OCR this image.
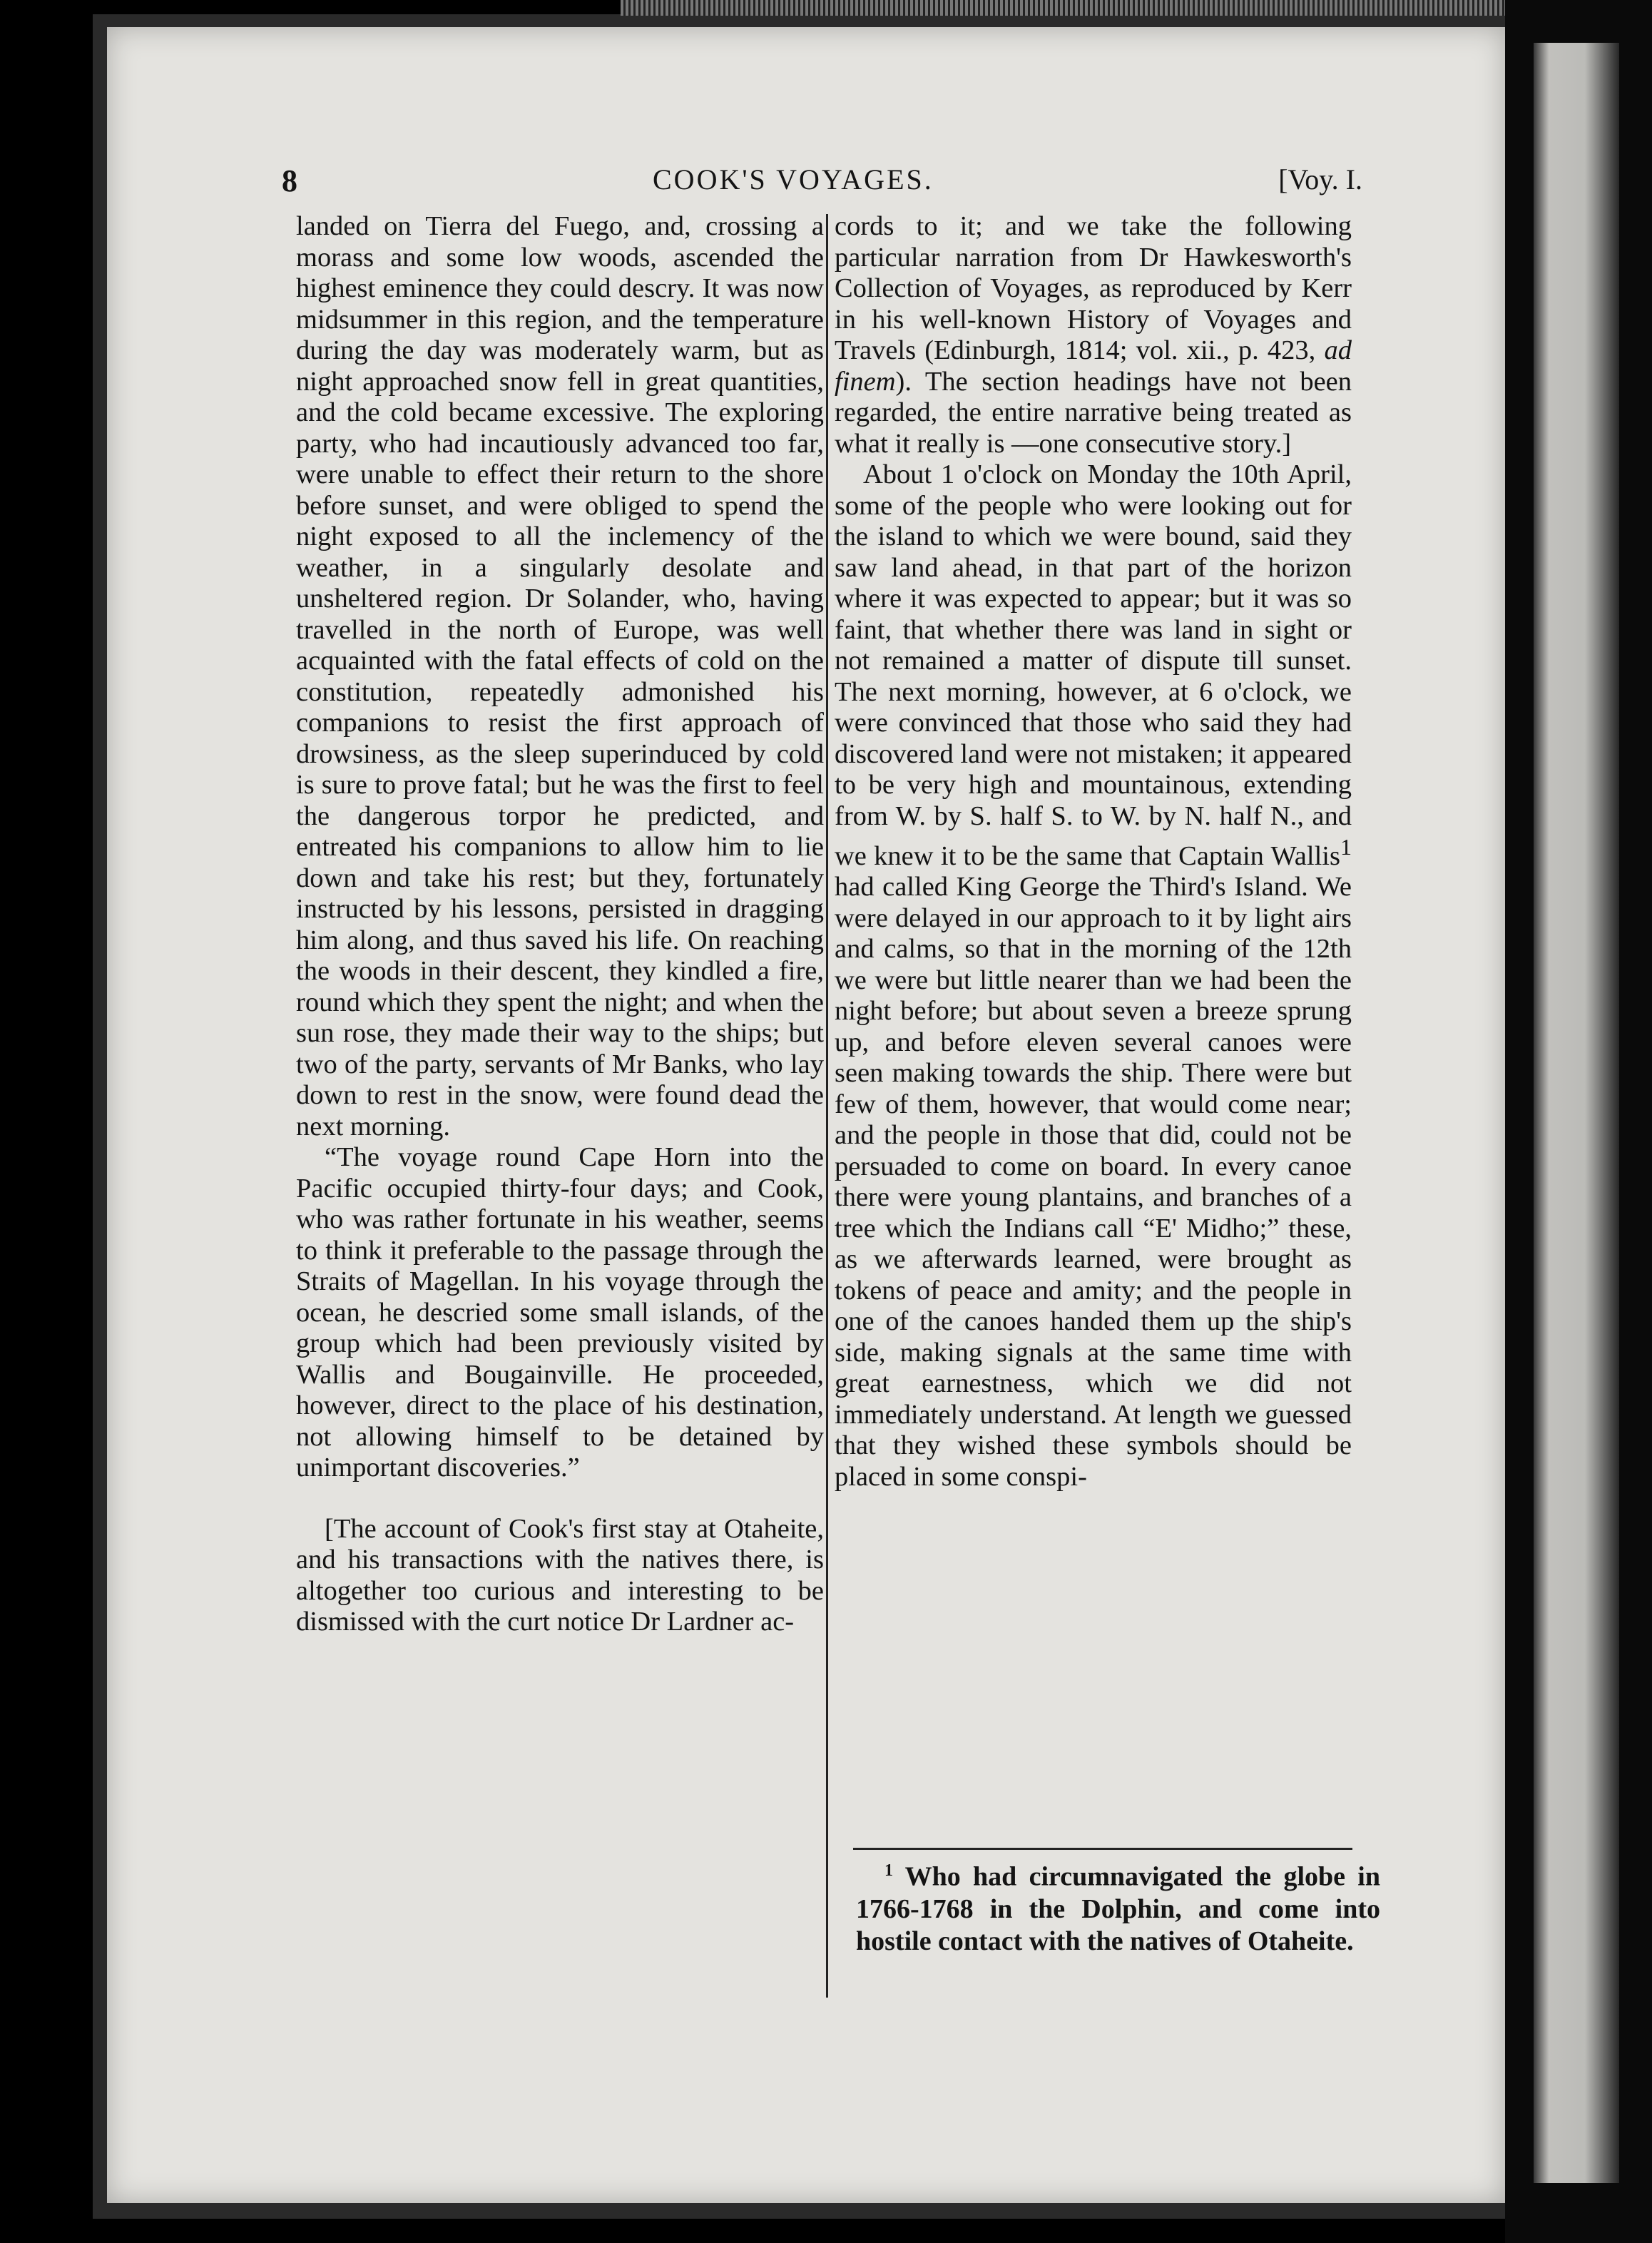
8	COOK'S VOYAGES.	[Voy. I.

landed on Tierra del Fuego, and, crossing a morass and some low woods, ascended the highest eminence they could descry. It was now midsummer in this region, and the temperature during the day was moderately warm, but as night approached snow fell in great quantities, and the cold became excessive. The exploring party, who had incautiously advanced too far, were unable to effect their return to the shore before sunset, and were obliged to spend the night exposed to all the inclemency of the weather, in a singularly desolate and unsheltered region. Dr Solander, who, having travelled in the north of Europe, was well acquainted with the fatal effects of cold on the constitution, repeatedly admonished his companions to resist the first approach of drowsiness, as the sleep superinduced by cold is sure to prove fatal; but he was the first to feel the dangerous torpor he predicted, and entreated his companions to allow him to lie down and take his rest; but they, fortunately instructed by his lessons, persisted in dragging him along, and thus saved his life. On reaching the woods in their descent, they kindled a fire, round which they spent the night; and when the sun rose, they made their way to the ships; but two of the party, servants of Mr Banks, who lay down to rest in the snow, were found dead the next morning.

“The voyage round Cape Horn into the Pacific occupied thirty-four days; and Cook, who was rather fortunate in his weather, seems to think it preferable to the passage through the Straits of Magellan. In his voyage through the ocean, he descried some small islands, of the group which had been previously visited by Wallis and Bougainville. He proceeded, however, direct to the place of his destination, not allowing himself to be detained by unimportant discoveries.”

[The account of Cook's first stay at Otaheite, and his transactions with the natives there, is altogether too curious and interesting to be dismissed with the curt notice Dr Lardner ac-

cords to it; and we take the following particular narration from Dr Hawkesworth's Collection of Voyages, as reproduced by Kerr in his well-known History of Voyages and Travels (Edinburgh, 1814; vol. xii., p. 423, ad finem). The section headings have not been regarded, the entire narrative being treated as what it really is —one consecutive story.]

About 1 o'clock on Monday the 10th April, some of the people who were looking out for the island to which we were bound, said they saw land ahead, in that part of the horizon where it was expected to appear; but it was so faint, that whether there was land in sight or not remained a matter of dispute till sunset. The next morning, however, at 6 o'clock, we were convinced that those who said they had discovered land were not mistaken; it appeared to be very high and mountainous, extending from W. by S. half S. to W. by N. half N., and we knew it to be the same that Captain Wallis$^1$ had called King George the Third's Island. We were delayed in our approach to it by light airs and calms, so that in the morning of the 12th we were but little nearer than we had been the night before; but about seven a breeze sprung up, and before eleven several canoes were seen making towards the ship. There were but few of them, however, that would come near; and the people in those that did, could not be persuaded to come on board. In every canoe there were young plantains, and branches of a tree which the Indians call “E' Midho;” these, as we afterwards learned, were brought as tokens of peace and amity; and the people in one of the canoes handed them up the ship's side, making signals at the same time with great earnestness, which we did not immediately understand. At length we guessed that they wished these symbols should be placed in some conspi-

$^1$ Who had circumnavigated the globe in 1766-1768 in the Dolphin, and come into hostile contact with the natives of Otaheite.
